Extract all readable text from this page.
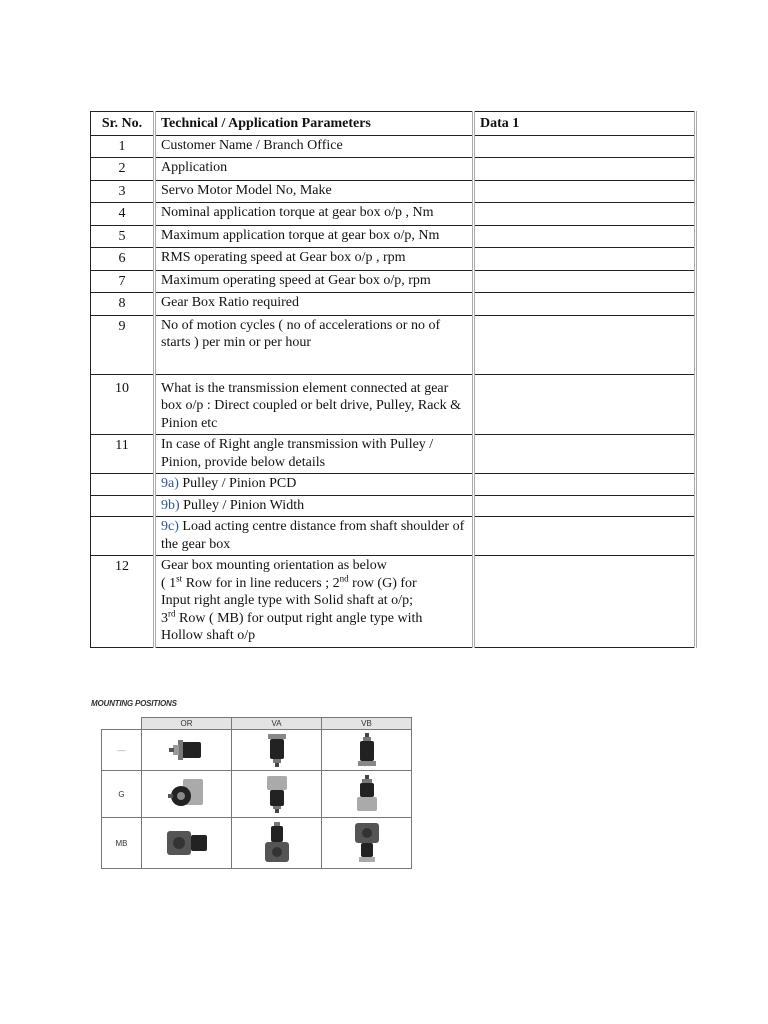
Sr. No.	Technical / Application Parameters	Data 1
1	Customer Name / Branch Office	
2	Application	
3	Servo Motor Model No, Make	
4	Nominal application torque at gear box o/p , Nm	
5	Maximum application torque at gear box o/p, Nm	
6	RMS operating speed at Gear box o/p , rpm	
7	Maximum operating speed at Gear box o/p, rpm	
8	Gear Box Ratio required	
9	No of motion cycles ( no of accelerations or no of starts ) per min or per hour	
10	What is the transmission element connected at gear box o/p : Direct coupled or belt drive, Pulley, Rack & Pinion etc	
11	In case of Right angle transmission with Pulley / Pinion, provide below details	
	9a) Pulley / Pinion PCD	
	9b) Pulley / Pinion Width	
	9c) Load acting centre distance from shaft shoulder of the gear box	
12	Gear box mounting orientation as below
( 1st Row for in line reducers ; 2nd row (G) for
Input right angle type with Solid shaft at o/p;
3rd Row ( MB) for output right angle type with
Hollow shaft o/p	
MOUNTING POSITIONS
	OR	VA	VB
—	

G	

MB	
